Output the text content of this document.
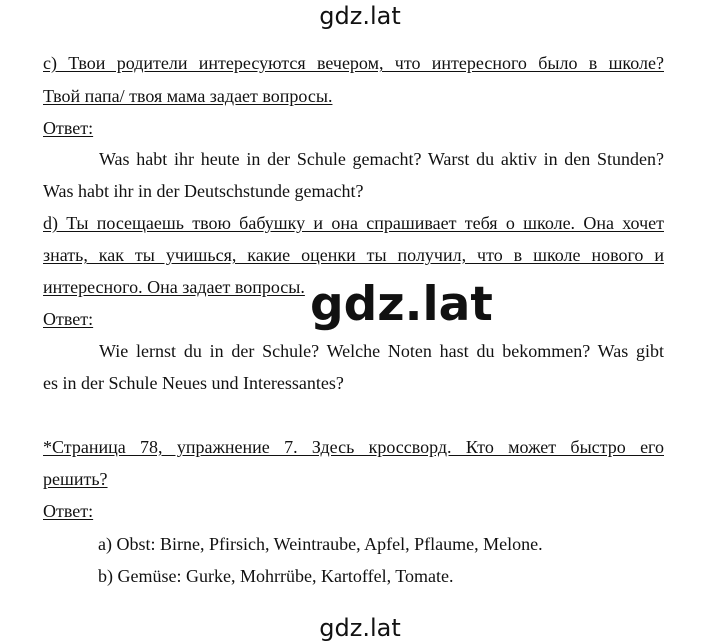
gdz.lat
c) Твои родители интересуются вечером, что интересного было в школе?
Твой папа/ твоя мама задает вопросы.
Ответ:
Was habt ihr heute in der Schule gemacht? Warst du aktiv in den Stunden?
Was habt ihr in der Deutschstunde gemacht?
d) Ты посещаешь твою бабушку и она спрашивает тебя о школе. Она хочет
знать, как ты учишься, какие оценки ты получил, что в школе нового и
интересного. Она задает вопросы.
Ответ:
Wie lernst du in der Schule? Welche Noten hast du bekommen? Was gibt
es in der Schule Neues und Interessantes?
*Страница 78, упражнение 7. Здесь кроссворд. Кто может быстро его
решить?
Ответ:
a) Obst: Birne, Pfirsich, Weintraube, Apfel, Pflaume, Melone.
b) Gemüse: Gurke, Mohrrübe, Kartoffel, Tomate.
gdz.lat
gdz.lat
